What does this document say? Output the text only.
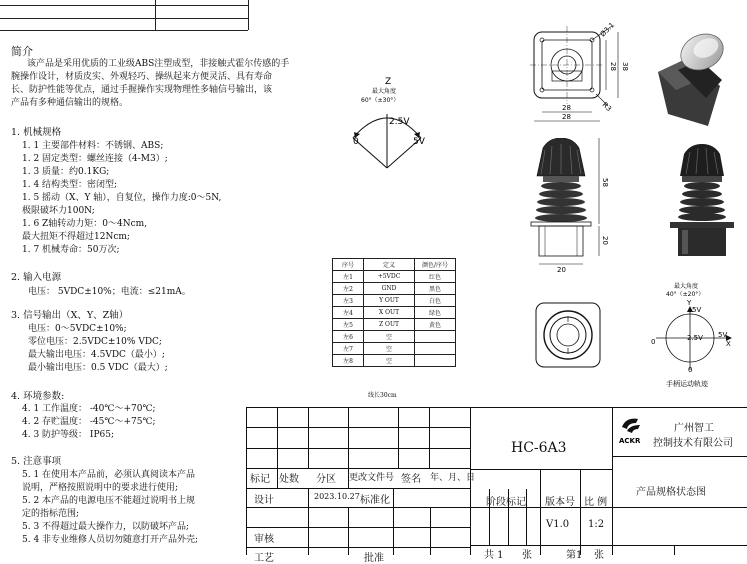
简介
该产品是采用优质的工业级ABS注塑成型，非接触式霍尔传感的手
腕操作设计，材质皮实、外观轻巧、操纵起来方便灵活、具有寿命
长、防护性能等优点，通过手握操作实现物理性多轴信号输出，该
产品有多种通信输出的规格。
1. 机械规格
1. 1 主要部件材料：不锈钢、ABS;
1. 2 固定类型：螺丝连接（4-M3）;
1. 3 质量：约0.1KG;
1. 4 结构类型：密闭型;
1. 5 摇动（X、Y 轴），自复位，操作力度:0～5N,
极限破坏力100N;
1. 6 Z轴转动力矩：0～4Ncm,
最大扭矩不得超过12Ncm;
1. 7 机械寿命：50万次;
2. 输入电源
电压： 5VDC±10%；电流：≤21mA。
3. 信号输出（X、Y、Z轴）
电压：0～5VDC±10%;
零位电压：2.5VDC±10% VDC;
最大输出电压：4.5VDC（最小）;
最小输出电压：0.5 VDC（最大）;
4. 环境参数:
4. 1 工作温度： -40℃～+70℃;
4. 2 存贮温度： -45℃～+75℃;
4. 3 防护等级： IP65;
5. 注意事项
5. 1 在使用本产品前，必须认真阅读本产品
说明，严格按照说明中的要求进行使用;
5. 2 本产品的电源电压不能超过说明书上规
定的指标范围;
5. 3 不得超过最大操作力，以防破坏产品;
5. 4 非专业维修人员切勿随意打开产品外壳;
Z
最大角度
60°（±30°）
2.5V
0	5V
Ø3.1
28 38
28
28
R3
58
20
20
序号	定义	颜色/序号
左1	+5VDC	红色
左2	GND	黑色
左3	Y OUT	白色
左4	X OUT	绿色
左5	Z OUT	黄色
左6	空	
左7	空	
左8	空	
线长30cm
最大角度
40°（±20°）
Y
5V
2.5V 5V
X
0
0
手柄运动轨迹
标记 处数 分区 更改文件号 签名 年、月、日
设计	2023.10.27 标准化
审核
工艺	批准
HC-6A3
阶段标记 版本号 比 例
V1.0 1:2
共 1 张	第1 张
ACKR
广州智工
控制技术有限公司
产品规格状态图
